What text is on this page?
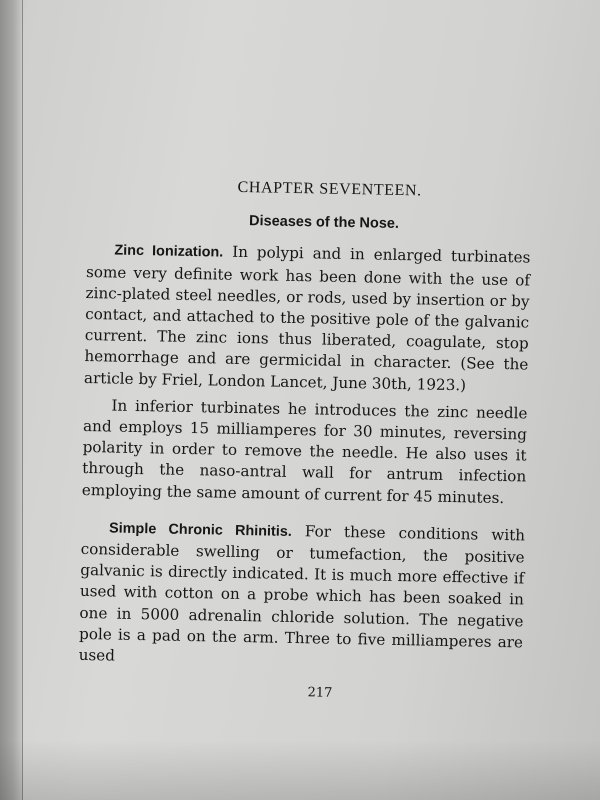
CHAPTER SEVENTEEN.
Diseases of the Nose.

Zinc Ionization. In polypi and in enlarged turbinates some very definite work has been done with the use of zinc-plated steel needles, or rods, used by insertion or by contact, and attached to the positive pole of the galvanic current. The zinc ions thus liberated, coagulate, stop hemorrhage and are germicidal in character. (See the article by Friel, London Lancet, June 30th, 1923.)

In inferior turbinates he introduces the zinc needle and employs 15 milliamperes for 30 minutes, reversing polarity in order to remove the needle. He also uses it through the naso-antral wall for antrum infection employing the same amount of current for 45 minutes.

Simple Chronic Rhinitis. For these conditions with considerable swelling or tumefaction, the positive galvanic is directly indicated. It is much more effective if used with cotton on a probe which has been soaked in one in 5000 adrenalin chloride solution. The negative pole is a pad on the arm. Three to five milliamperes are used

217
